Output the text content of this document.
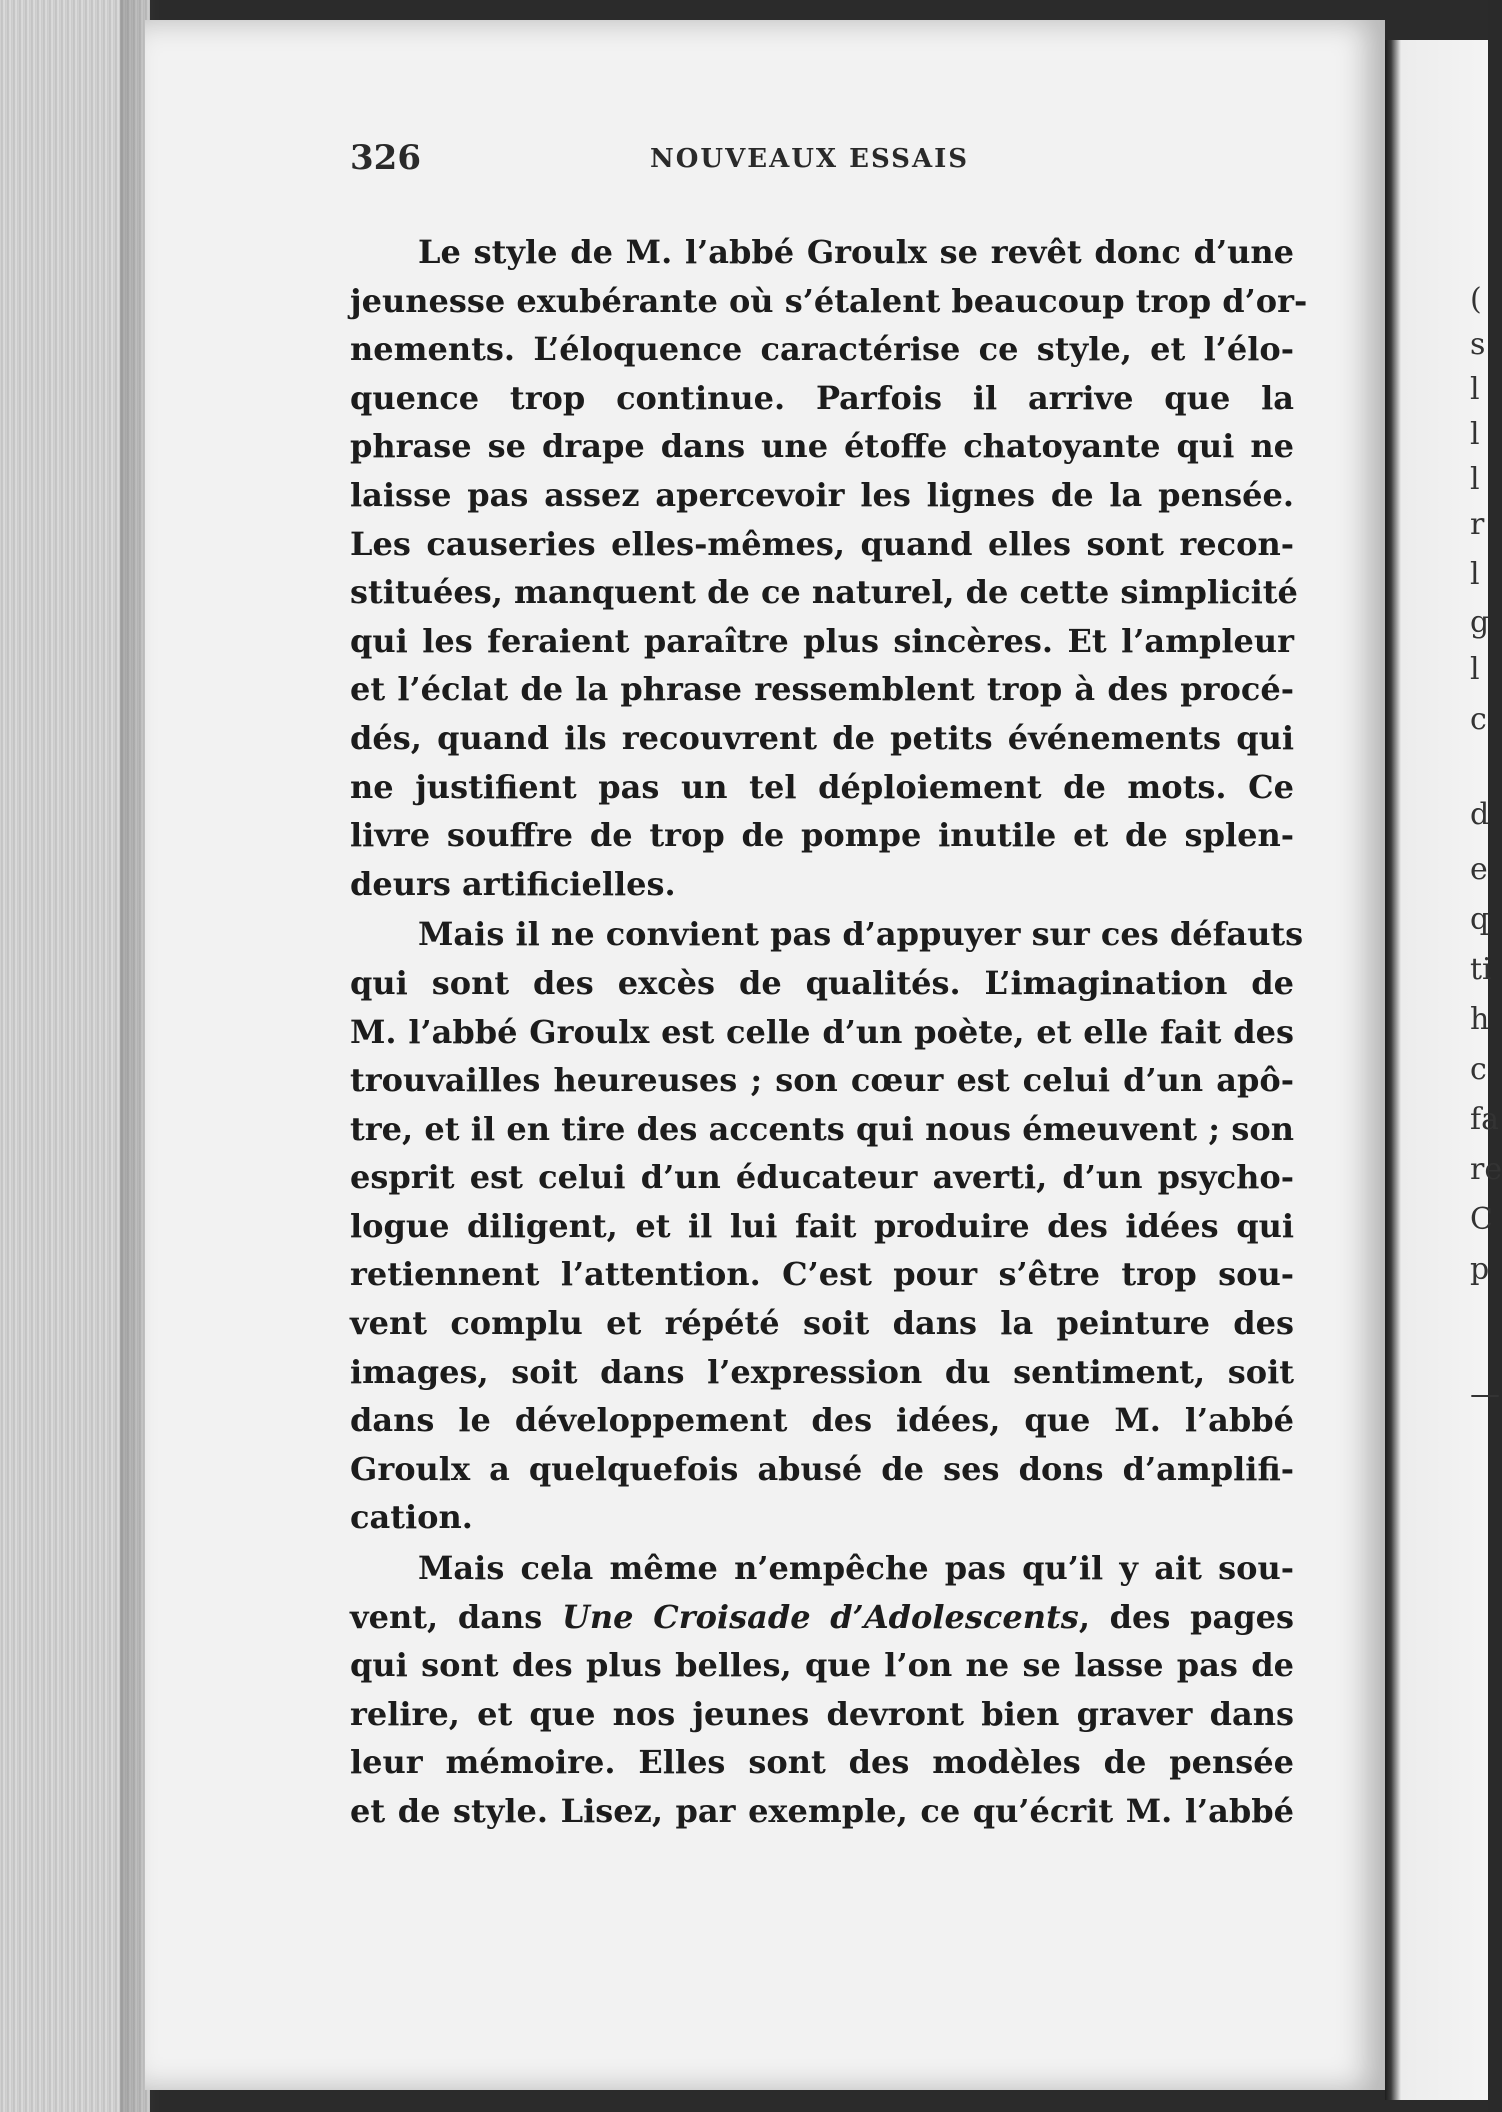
326	NOUVEAUX ESSAIS
Le style de M. l’abbé Groulx se revêt donc d’une
jeunesse exubérante où s’étalent beaucoup trop d’or-
nements. L’éloquence caractérise ce style, et l’élo-
quence trop continue. Parfois il arrive que la
phrase se drape dans une étoffe chatoyante qui ne
laisse pas assez apercevoir les lignes de la pensée.
Les causeries elles-mêmes, quand elles sont recon-
stituées, manquent de ce naturel, de cette simplicité
qui les feraient paraître plus sincères. Et l’ampleur
et l’éclat de la phrase ressemblent trop à des procé-
dés, quand ils recouvrent de petits événements qui
ne justifient pas un tel déploiement de mots. Ce
livre souffre de trop de pompe inutile et de splen-
deurs artificielles.
Mais il ne convient pas d’appuyer sur ces défauts
qui sont des excès de qualités. L’imagination de
M. l’abbé Groulx est celle d’un poète, et elle fait des
trouvailles heureuses ; son cœur est celui d’un apô-
tre, et il en tire des accents qui nous émeuvent ; son
esprit est celui d’un éducateur averti, d’un psycho-
logue diligent, et il lui fait produire des idées qui
retiennent l’attention. C’est pour s’être trop sou-
vent complu et répété soit dans la peinture des
images, soit dans l’expression du sentiment, soit
dans le développement des idées, que M. l’abbé
Groulx a quelquefois abusé de ses dons d’amplifi-
cation.
Mais cela même n’empêche pas qu’il y ait sou-
vent, dans Une Croisade d’Adolescents, des pages
qui sont des plus belles, que l’on ne se lasse pas de
relire, et que nos jeunes devront bien graver dans
leur mémoire. Elles sont des modèles de pensée
et de style. Lisez, par exemple, ce qu’écrit M. l’abbé
(
s
l
l
l
r
l
g
l
c
d
e
q
ti
h
c
fa
re
C
p
—
